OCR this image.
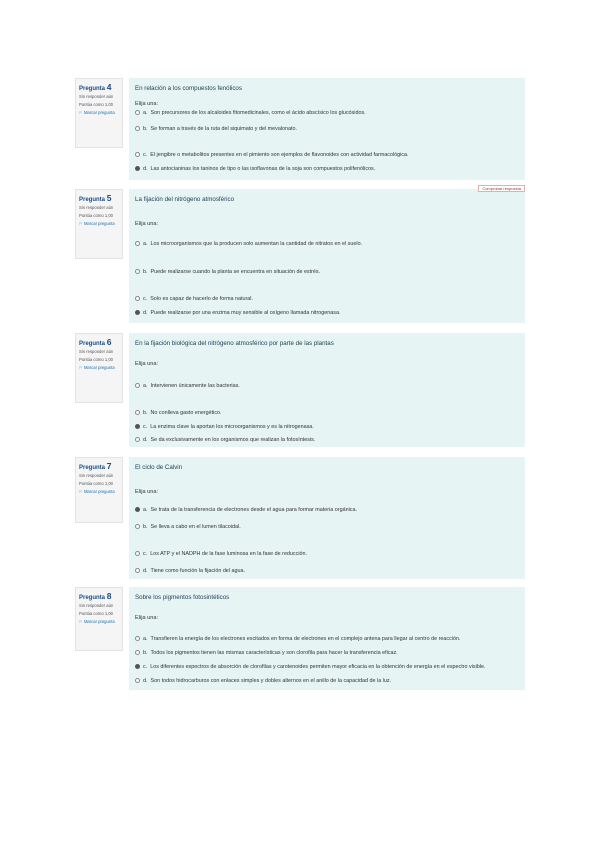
Pregunta 4
Sin responder aún
Puntúa como 1,00
⚐ Marcar pregunta
En relación a los compuestos fenólicos
Elija una:
a. Son precursores de los alcaloides fitomedicinales, como el ácido abscísico los glucósidos.
b. Se forman a través de la ruta del siquimato y del mevalonato.
c. El jengibre o metabolitos presentes en el pimiento son ejemplos de flavonoides con actividad farmacológica.
d. Las antocianinas los taninos de tipo o las isoflavonas de la soja son compuestos polifenólicos.
Pregunta 5
Sin responder aún
Puntúa como 1,00
⚐ Marcar pregunta
Comprobar respuesta
La fijación del nitrógeno atmosférico
Elija una:
a. Los microorganismos que la producen solo aumentan la cantidad de nitratos en el suelo.
b. Puede realizarse cuando la planta se encuentra en situación de estrés.
c. Solo es capaz de hacerlo de forma natural.
d. Puede realizarse por una enzima muy sensible al oxígeno llamada nitrogenasa.
Pregunta 6
Sin responder aún
Puntúa como 1,00
⚐ Marcar pregunta
En la fijación biológica del nitrógeno atmosférico por parte de las plantas
Elija una:
a. Intervienen únicamente las bacterias.
b. No conlleva gasto energético.
c. La enzima clave la aportan los microorganismos y es la nitrogenasa.
d. Se da exclusivamente en los organismos que realizan la fotosíntesis.
Pregunta 7
Sin responder aún
Puntúa como 1,00
⚐ Marcar pregunta
El ciclo de Calvin
Elija una:
a. Se trata de la transferencia de electrones desde el agua para formar materia orgánica.
b. Se lleva a cabo en el lumen tilacoidal.
c. Los ATP y el NADPH de la fase luminosa en la fase de reducción.
d. Tiene como función la fijación del agua.
Pregunta 8
Sin responder aún
Puntúa como 1,00
⚐ Marcar pregunta
Sobre los pigmentos fotosintéticos
Elija una:
a. Transfieren la energía de los electrones excitados en forma de electrones en el complejo antena para llegar al centro de reacción.
b. Todos los pigmentos tienen las mismas características y son clorofila para hacer la transferencia eficaz.
c. Los diferentes espectros de absorción de clorofilas y carotenoides permiten mayor eficacia en la obtención de energía en el espectro visible.
d. Son todos hidrocarburos con enlaces simples y dobles alternos en el anillo de la capacidad de la luz.
